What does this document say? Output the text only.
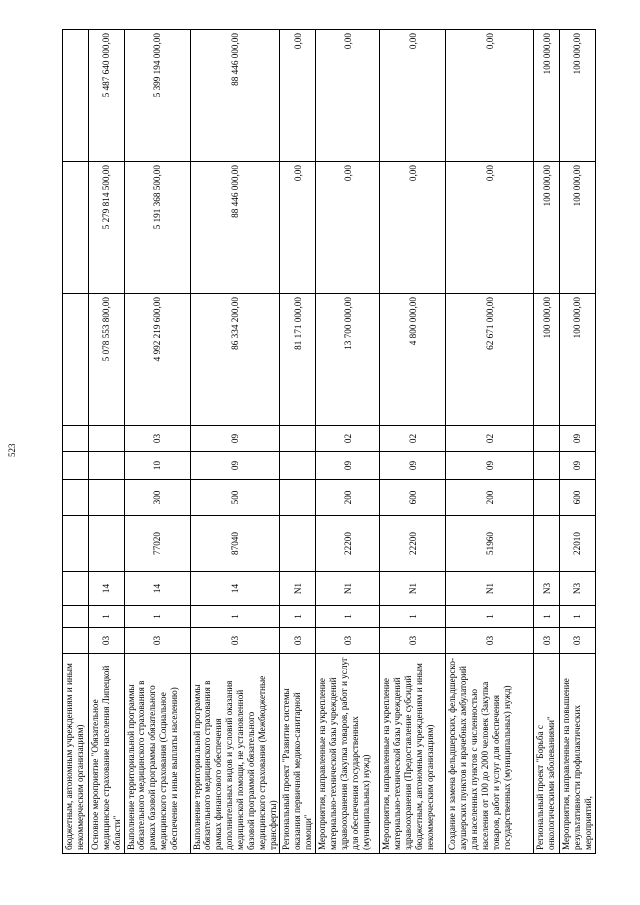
523
бюджетным, автономным учреждениям и иным некоммерческим организациям)										
Основное мероприятие "Обязательное медицинское страхование населения Липецкой области"	03	1	14					5 078 553 800,00	5 279 814 500,00	5 487 640 000,00
Выполнение территориальной программы обязательного медицинского страхования в рамках базовой программы обязательного медицинского страхования (Социальное обеспечение и иные выплаты населению)	03	1	14	77020	300	10	03	4 992 219 600,00	5 191 368 500,00	5 399 194 000,00
Выполнение территориальной программы обязательного медицинского страхования в рамках финансового обеспечения дополнительных видов и условий оказания медицинской помощи, не установленной базовой программой обязательного медицинского страхования (Межбюджетные трансферты)	03	1	14	87040	500	09	09	86 334 200,00	88 446 000,00	88 446 000,00
Региональный проект "Развитие системы оказания первичной медико-санитарной помощи"	03	1	N1					81 171 000,00	0,00	0,00
Мероприятия, направленные на укрепление материально-технической базы учреждений здравоохранения (Закупка товаров, работ и услуг для обеспечения государственных (муниципальных) нужд)	03	1	N1	22200	200	09	02	13 700 000,00	0,00	0,00
Мероприятия, направленные на укрепление материально-технической базы учреждений здравоохранения (Предоставление субсидий бюджетным, автономным учреждениям и иным некоммерческим организациям)	03	1	N1	22200	600	09	02	4 800 000,00	0,00	0,00
Создание и замена фельдшерских, фельдшерско-акушерских пунктов и врачебных амбулаторий для населенных пунктов с численностью населения от 100 до 2000 человек (Закупка товаров, работ и услуг для обеспечения государственных (муниципальных) нужд)	03	1	N1	51960	200	09	02	62 671 000,00	0,00	0,00
Региональный проект "Борьба с онкологическими заболеваниями"	03	1	N3					100 000,00	100 000,00	100 000,00
Мероприятия, направленные на повышение результативности профилактических мероприятий,	03	1	N3	22010	600	09	09	100 000,00	100 000,00	100 000,00
